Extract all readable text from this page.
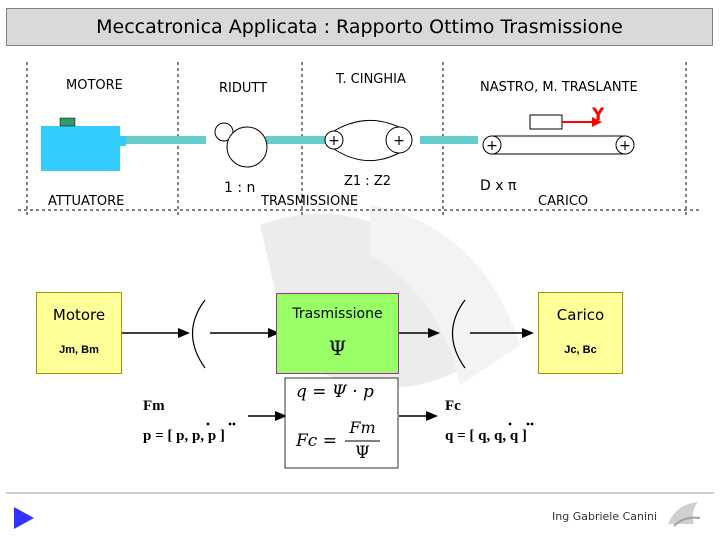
Meccatronica Applicata : Rapporto Ottimo Trasmissione
MOTORE	RIDUTT
T. CINGHIA
NASTRO, M. TRASLANTE
ATTUATORE
1 : n	Z1 : Z2
TRASMISSIONE
D x π
CARICO
+	+	+	+
Y
Motore
Jm, Bm
Trasmissione
Ψ
Carico
Jc, Bc
Fm
p = [ p, p, p ]
Fc
q = [ q, q, q ]
q = Ψ · p
Fc =
Fm
Ψ
Ing Gabriele Canini
